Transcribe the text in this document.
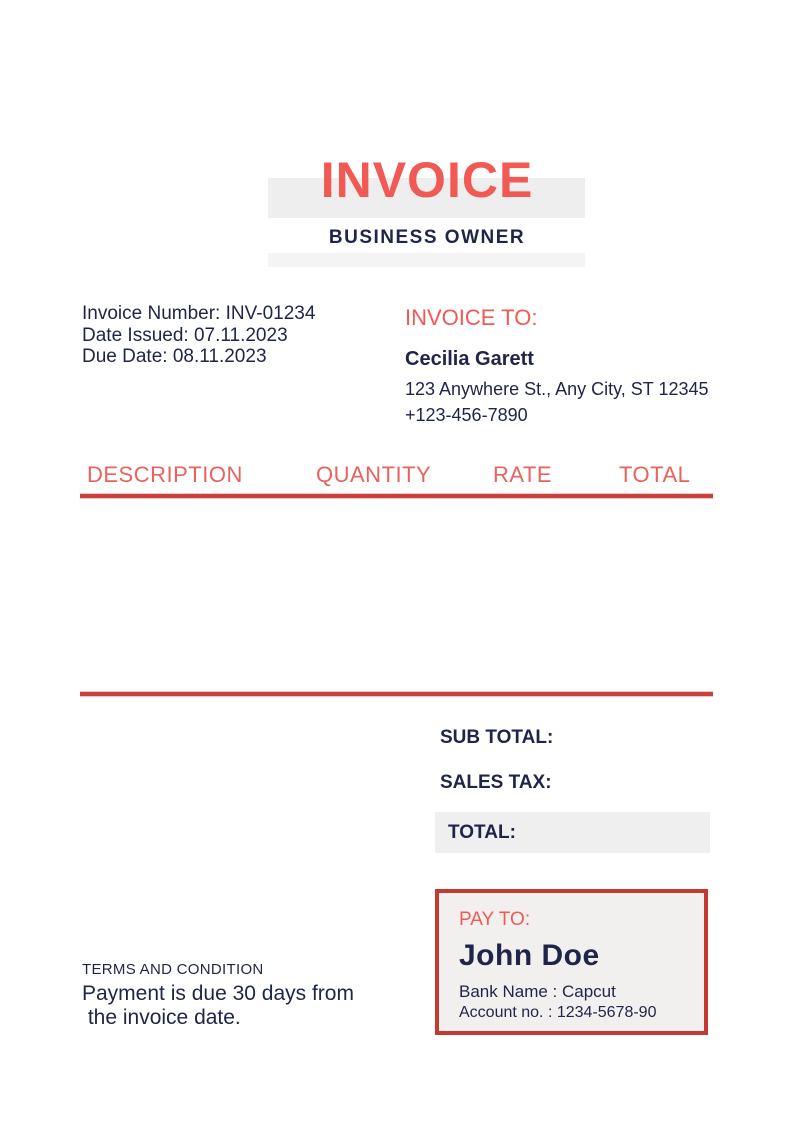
INVOICE
BUSINESS OWNER
Invoice Number: INV-01234
Date Issued: 07.11.2023
Due Date: 08.11.2023

INVOICE TO:

Cecilia Garett

123 Anywhere St., Any City, ST 12345

+123-456-7890

DESCRIPTION	QUANTITY	RATE	TOTAL
SUB TOTAL:
SALES TAX:
TOTAL:

PAY TO:

John Doe

Bank Name : Capcut

Account no. : 1234-5678-90

TERMS AND CONDITION
Payment is due 30 days from
the invoice date.
